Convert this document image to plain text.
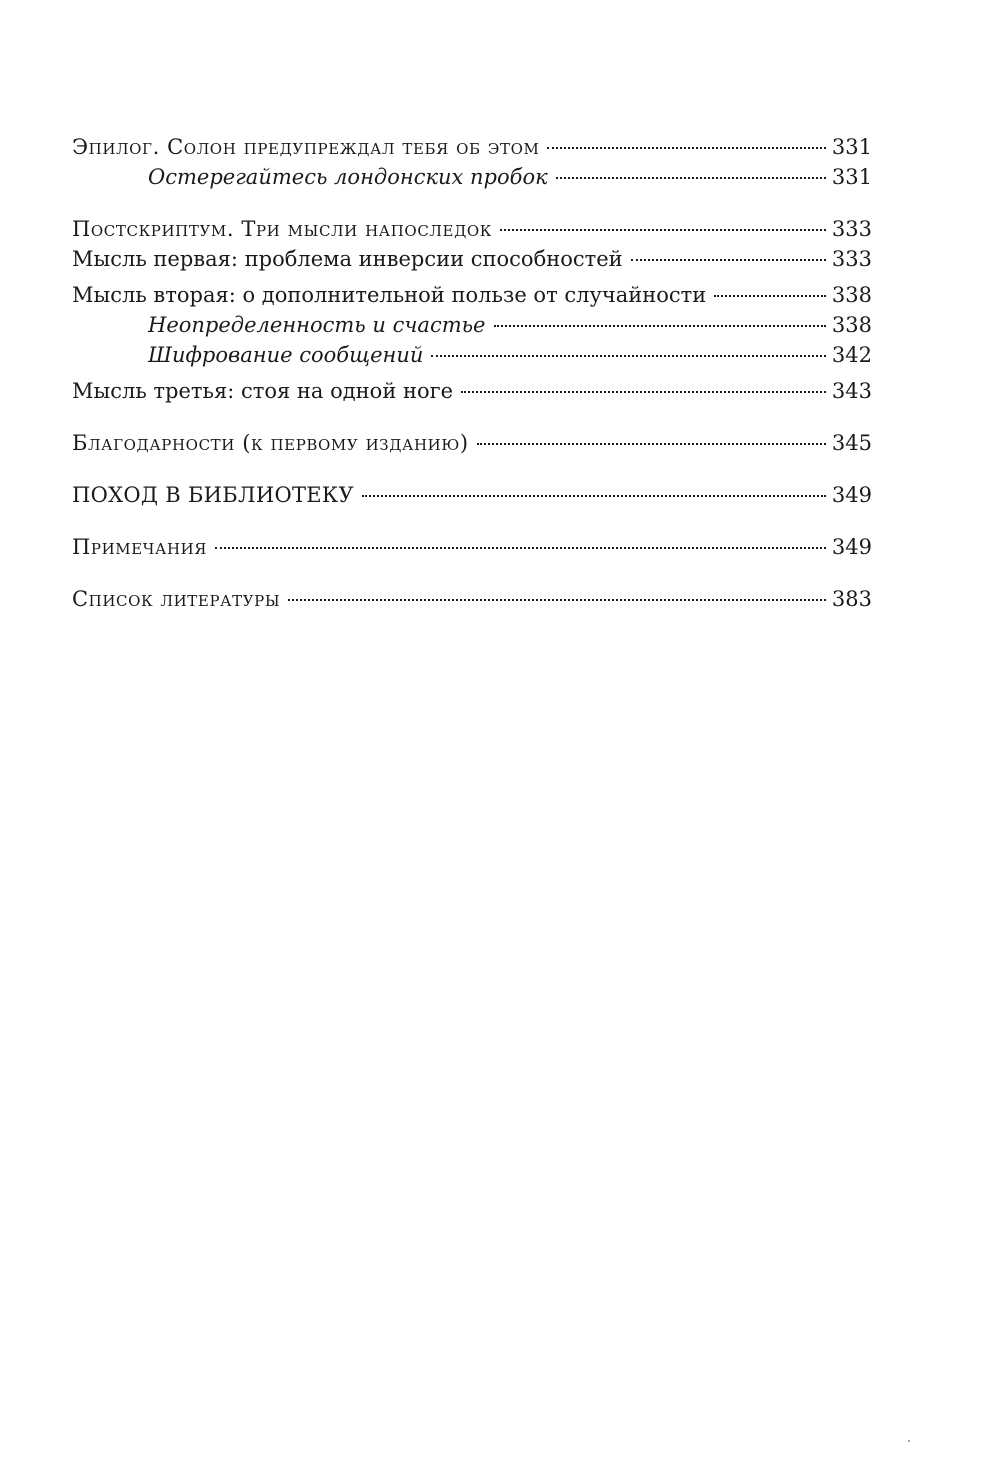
Эпилог. Солон предупреждал тебя об этом	331
Остерегайтесь лондонских пробок	331
Постскриптум. Три мысли напоследок	333
Мысль первая: проблема инверсии способностей	333
Мысль вторая: о дополнительной пользе от случайности	338
Неопределенность и счастье	338
Шифрование сообщений	342
Мысль третья: стоя на одной ноге	343
Благодарности (к первому изданию)	345
ПОХОД В БИБЛИОТЕКУ	349
Примечания	349
Список литературы	383
